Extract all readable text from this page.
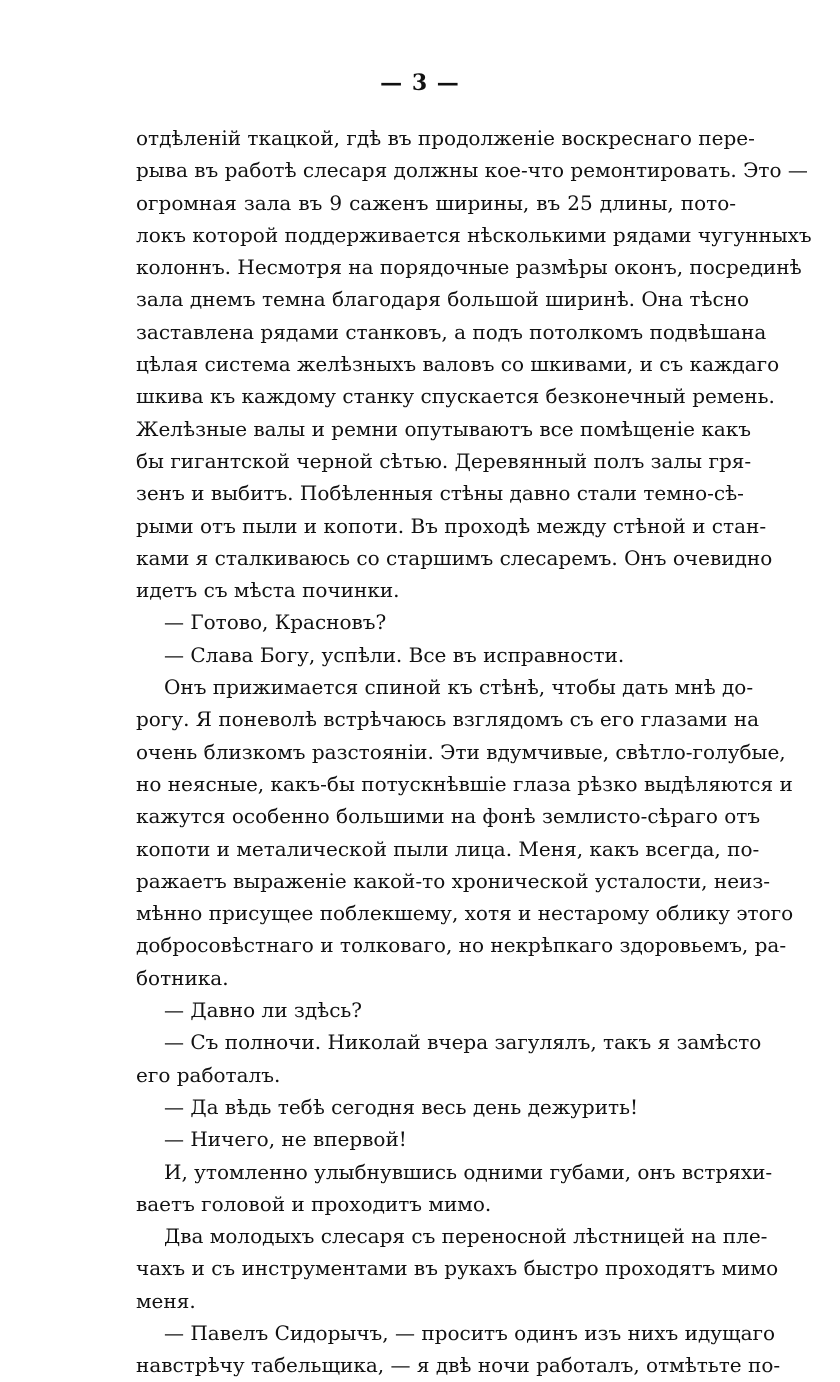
— 3 —
отдѣленій ткацкой, гдѣ въ продолженіе воскреснаго пере-
рыва въ работѣ слесаря должны кое-что ремонтировать. Это —
огромная зала въ 9 саженъ ширины, въ 25 длины, пото-
локъ которой поддерживается нѣсколькими рядами чугунныхъ
колоннъ. Несмотря на порядочные размѣры оконъ, посрединѣ
зала днемъ темна благодаря большой ширинѣ. Она тѣсно
заставлена рядами станковъ, а подъ потолкомъ подвѣшана
цѣлая система желѣзныхъ валовъ со шкивами, и съ каждаго
шкива къ каждому станку спускается безконечный ремень.
Желѣзные валы и ремни опутываютъ все помѣщеніе какъ
бы гигантской черной сѣтью. Деревянный полъ залы гря-
зенъ и выбитъ. Побѣленныя стѣны давно стали темно-сѣ-
рыми отъ пыли и копоти. Въ проходѣ между стѣной и стан-
ками я сталкиваюсь со старшимъ слесаремъ. Онъ очевидно
идетъ съ мѣста починки.
— Готово, Красновъ?
— Слава Богу, успѣли. Все въ исправности.
Онъ прижимается спиной къ стѣнѣ, чтобы дать мнѣ до-
рогу. Я поневолѣ встрѣчаюсь взглядомъ съ его глазами на
очень близкомъ разстояніи. Эти вдумчивые, свѣтло-голубые,
но неясные, какъ-бы потускнѣвшіе глаза рѣзко выдѣляются и
кажутся особенно большими на фонѣ землисто-сѣраго отъ
копоти и металической пыли лица. Меня, какъ всегда, по-
ражаетъ выраженіе какой-то хронической усталости, неиз-
мѣнно присущее поблекшему, хотя и нестарому облику этого
добросовѣстнаго и толковаго, но некрѣпкаго здоровьемъ, ра-
ботника.
— Давно ли здѣсь?
— Съ полночи. Николай вчера загулялъ, такъ я замѣсто
его работалъ.
— Да вѣдь тебѣ сегодня весь день дежурить!
— Ничего, не впервой!
И, утомленно улыбнувшись одними губами, онъ встряхи-
ваетъ головой и проходитъ мимо.
Два молодыхъ слесаря съ переносной лѣстницей на пле-
чахъ и съ инструментами въ рукахъ быстро проходятъ мимо
меня.
— Павелъ Сидорычъ, — проситъ одинъ изъ нихъ идущаго
навстрѣчу табельщика, — я двѣ ночи работалъ, отмѣтьте по-
